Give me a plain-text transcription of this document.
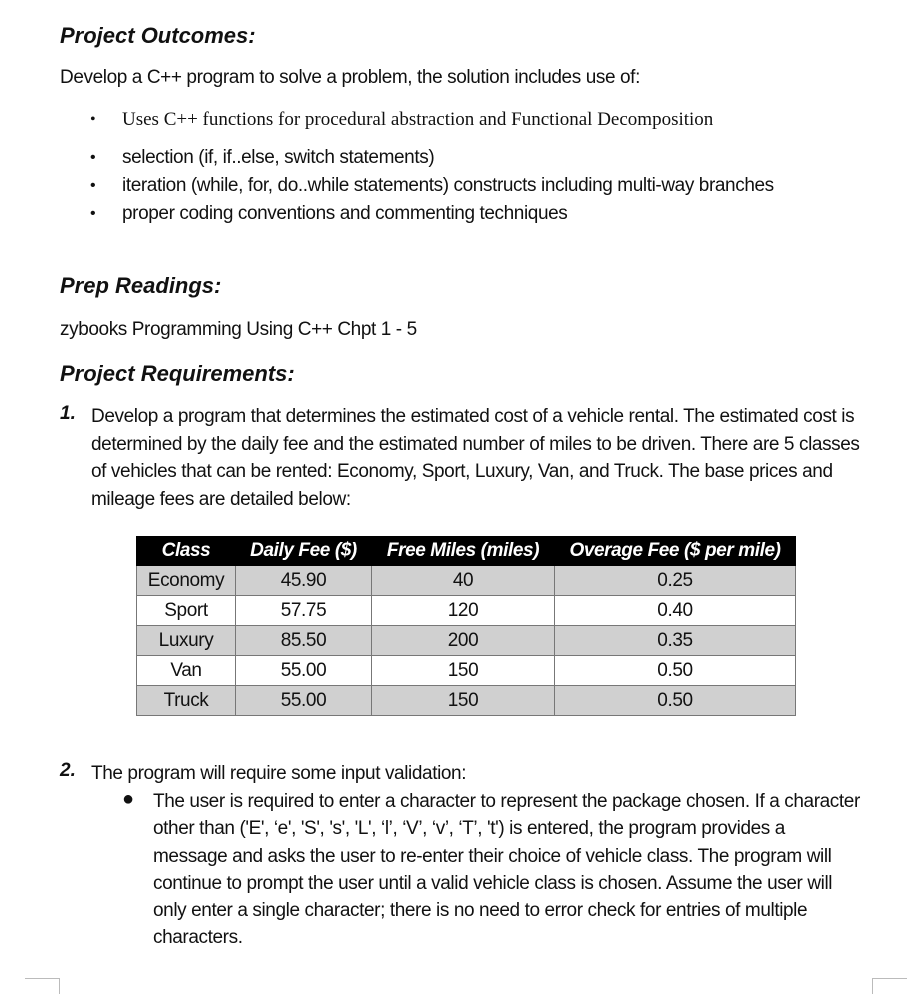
Project Outcomes:
Develop a C++ program to solve a problem, the solution includes use of:
• Uses C++ functions for procedural abstraction and Functional Decomposition
• selection (if, if..else, switch statements)
• iteration (while, for, do..while statements) constructs including multi-way branches
• proper coding conventions and commenting techniques
Prep Readings:
zybooks Programming Using C++ Chpt 1 - 5
Project Requirements:
1. Develop a program that determines the estimated cost of a vehicle rental. The estimated cost is determined by the daily fee and the estimated number of miles to be driven. There are 5 classes of vehicles that can be rented: Economy, Sport, Luxury, Van, and Truck. The base prices and mileage fees are detailed below:
Class	Daily Fee ($)	Free Miles (miles)	Overage Fee ($ per mile)
Economy	45.90	40	0.25
Sport	57.75	120	0.40
Luxury	85.50	200	0.35
Van	55.00	150	0.50
Truck	55.00	150	0.50
2. The program will require some input validation:
● The user is required to enter a character to represent the package chosen. If a character other than ('E', ‘e', 'S', 's', 'L', ‘l’, ‘V’, ‘v’, ‘T’, 't') is entered, the program provides a message and asks the user to re-enter their choice of vehicle class. The program will continue to prompt the user until a valid vehicle class is chosen. Assume the user will only enter a single character; there is no need to error check for entries of multiple characters.
